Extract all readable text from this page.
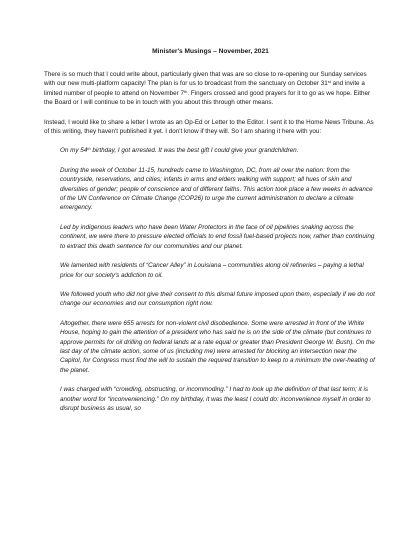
Minister's Musings – November, 2021

There is so much that I could write about, particularly given that was are so close to re-opening our Sunday services with our new multi-platform capacity! The plan is for us to broadcast from the sanctuary on October 31st and invite a limited number of people to attend on November 7th. Fingers crossed and good prayers for it to go as we hope. Either the Board or I will continue to be in touch with you about this through other means.

Instead, I would like to share a letter I wrote as an Op-Ed or Letter to the Editor. I sent it to the Home News Tribune. As of this writing, they haven't published it yet. I don't know if they will. So I am sharing it here with you:

On my 54th birthday, I got arrested. It was the best gift I could give your grandchildren.

During the week of October 11-15, hundreds came to Washington, DC, from all over the nation: from the countryside, reservations, and cities; infants in arms and elders walking with support; all hues of skin and diversities of gender; people of conscience and of different faiths. This action took place a few weeks in advance of the UN Conference on Climate Change (COP26) to urge the current administration to declare a climate emergency.

Led by indigenous leaders who have been Water Protectors in the face of oil pipelines snaking across the continent, we were there to pressure elected officials to end fossil fuel-based projects now, rather than continuing to extract this death sentence for our communities and our planet.

We lamented with residents of “Cancer Alley” in Louisiana – communities along oil refineries – paying a lethal price for our society's addiction to oil.

We followed youth who did not give their consent to this dismal future imposed upon them, especially if we do not change our economies and our consumption right now.

Altogether, there were 655 arrests for non-violent civil disobedience. Some were arrested in front of the White House, hoping to gain the attention of a president who has said he is on the side of the climate (but continues to approve permits for oil drilling on federal lands at a rate equal or greater than President George W. Bush). On the last day of the climate action, some of us (including me) were arrested for blocking an intersection near the Capitol, for Congress must find the will to sustain the required transition to keep to a minimum the over-heating of the planet.

I was charged with “crowding, obstructing, or incommoding.” I had to look up the definition of that last term; it is another word for “inconveniencing.” On my birthday, it was the least I could do: inconvenience myself in order to disrupt business as usual, so
